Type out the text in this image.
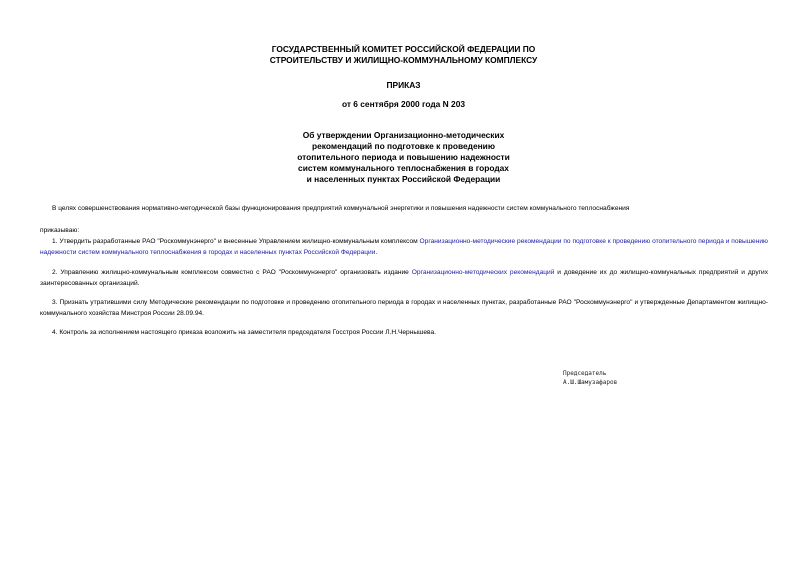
ГОСУДАРСТВЕННЫЙ КОМИТЕТ РОССИЙСКОЙ ФЕДЕРАЦИИ ПО
СТРОИТЕЛЬСТВУ И ЖИЛИЩНО-КОММУНАЛЬНОМУ КОМПЛЕКСУ
ПРИКАЗ
от 6 сентября 2000 года N 203
Об утверждении Организационно-методических
рекомендаций по подготовке к проведению
отопительного периода и повышению надежности
систем коммунального теплоснабжения в городах
и населенных пунктах Российской Федерации
В целях совершенствования нормативно-методической базы функционирования предприятий коммунальной энергетики и повышения надежности систем коммунального теплоснабжения
приказываю:
1. Утвердить разработанные РАО "Роскоммунэнерго" и внесенные Управлением жилищно-коммунальным комплексом Организационно-методические рекомендации по подготовке к проведению отопительного периода и повышению надежности систем коммунального теплоснабжения в городах и населенных пунктах Российской Федерации.
2. Управлению жилищно-коммунальным комплексом совместно с РАО "Роскоммунэнерго" организовать издание Организационно-методических рекомендаций и доведение их до жилищно-коммунальных предприятий и других заинтересованных организаций.
3. Признать утратившими силу Методические рекомендации по подготовке и проведению отопительного периода в городах и населенных пунктах, разработанные РАО "Роскоммунэнерго" и утвержденные Департаментом жилищно-коммунального хозяйства Минстроя России 28.09.94.
4. Контроль за исполнением настоящего приказа возложить на заместителя председателя Госстроя России Л.Н.Чернышева.
Председатель
А.Ш.Шамузафаров
